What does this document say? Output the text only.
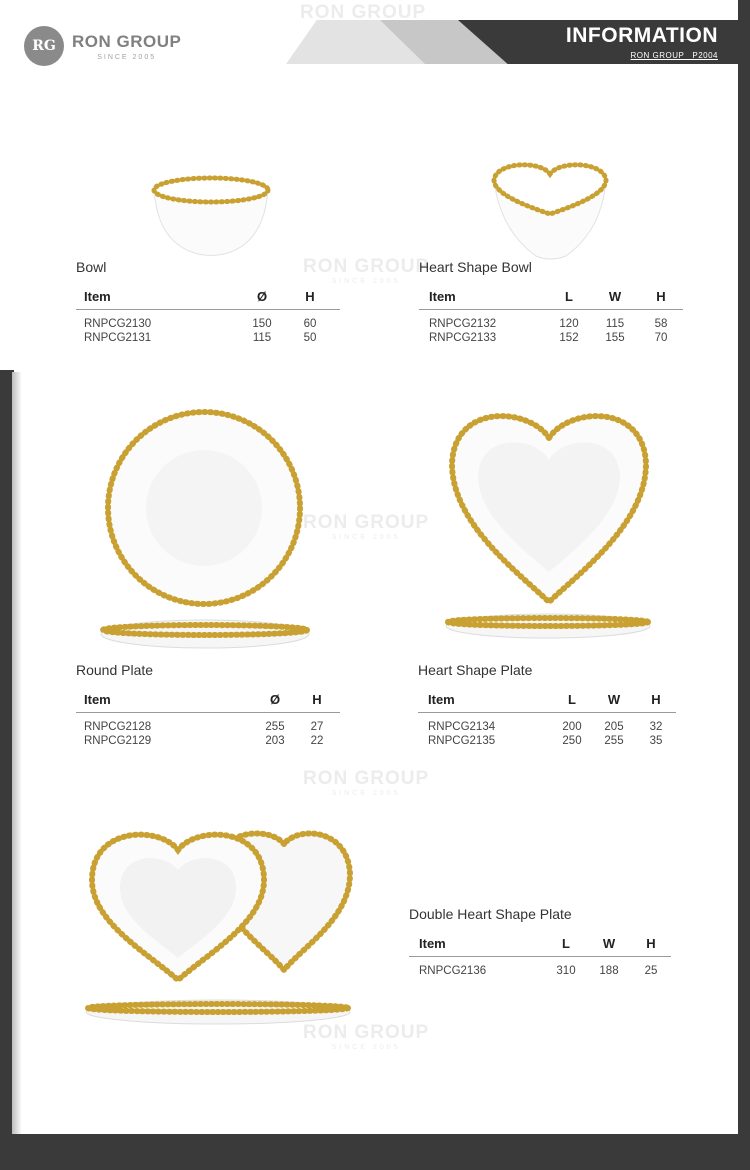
RG RON GROUP
SINCE 2005
INFORMATION
RON GROUP   P2004
RON GROUP
RON GROUP
SINCE 2005
RON GROUP
SINCE 2005
RON GROUP
SINCE 2005
RON GROUP
SINCE 2005
Bowl
Item	Ø	H
RNPCG2130	150	60
RNPCG2131	115	50
Heart Shape Bowl
Item	L	W	H
RNPCG2132	120	115	58
RNPCG2133	152	155	70
Round Plate
Item	Ø	H
RNPCG2128	255	27
RNPCG2129	203	22
Heart Shape Plate
Item	L	W	H
RNPCG2134	200	205	32
RNPCG2135	250	255	35
Double Heart Shape Plate
Item	L	W	H
RNPCG2136	310	188	25
